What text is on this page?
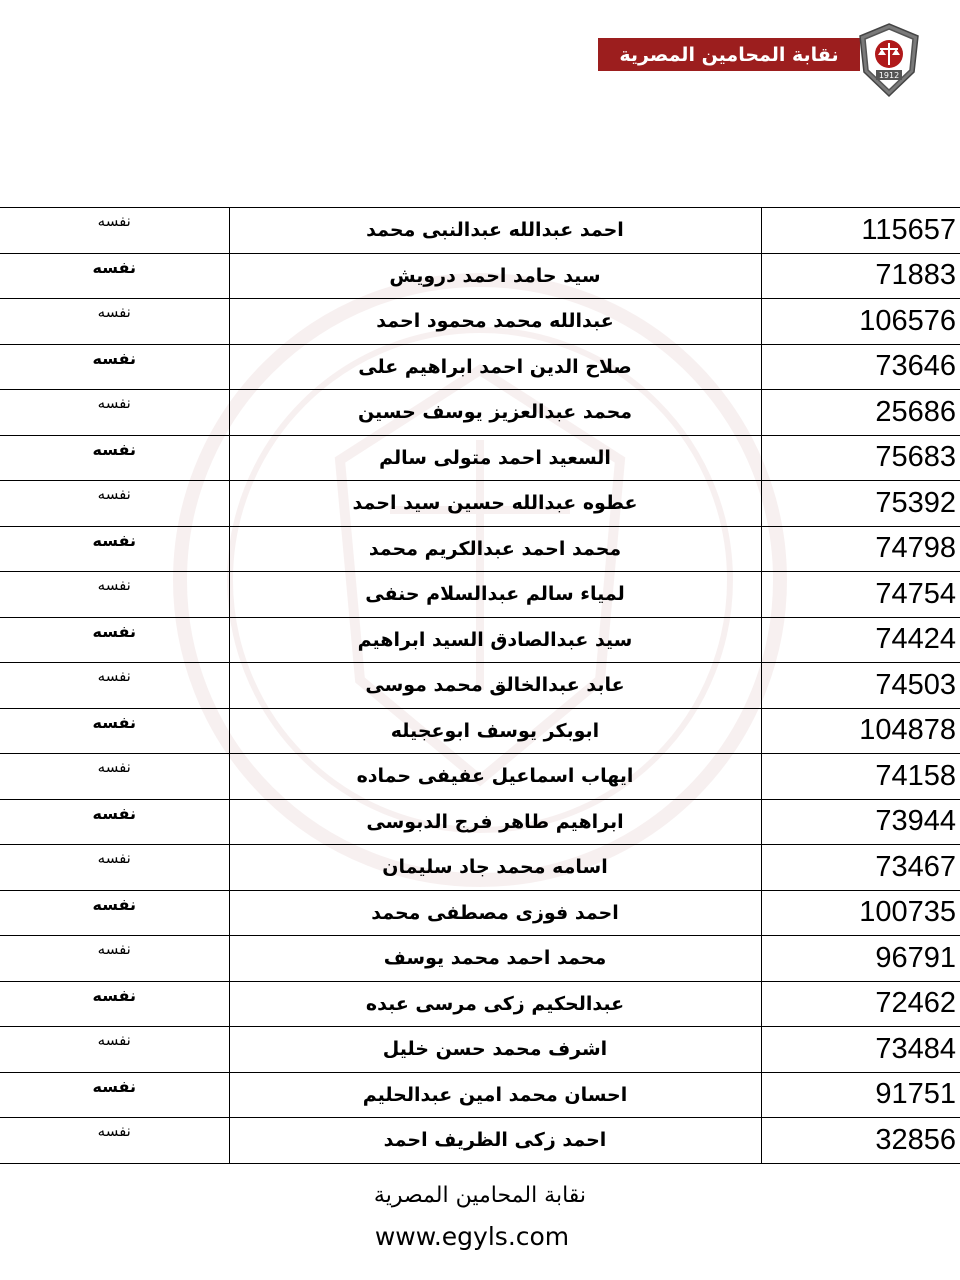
نقابة المحامين المصرية
1912
نفسه	احمد عبدالله عبدالنبى محمد	115657
نفسه	سيد حامد احمد درويش	71883
نفسه	عبدالله محمد محمود احمد	106576
نفسه	صلاح الدين احمد ابراهيم على	73646
نفسه	محمد عبدالعزيز يوسف حسين	25686
نفسه	السعيد احمد متولى سالم	75683
نفسه	عطوه عبدالله حسين سيد احمد	75392
نفسه	محمد احمد عبدالكريم محمد	74798
نفسه	لمياء سالم عبدالسلام حنفى	74754
نفسه	سيد عبدالصادق السيد ابراهيم	74424
نفسه	عابد عبدالخالق محمد موسى	74503
نفسه	ابوبكر يوسف ابوعجيله	104878
نفسه	ايهاب اسماعيل عفيفى حماده	74158
نفسه	ابراهيم طاهر فرج الدبوسى	73944
نفسه	اسامه محمد جاد سليمان	73467
نفسه	احمد فوزى مصطفى محمد	100735
نفسه	محمد احمد محمد يوسف	96791
نفسه	عبدالحكيم زكى مرسى عبده	72462
نفسه	اشرف محمد حسن خليل	73484
نفسه	احسان محمد امين عبدالحليم	91751
نفسه	احمد زكى الظريف احمد	32856
نقابة المحامين المصرية
www.egyls.com
